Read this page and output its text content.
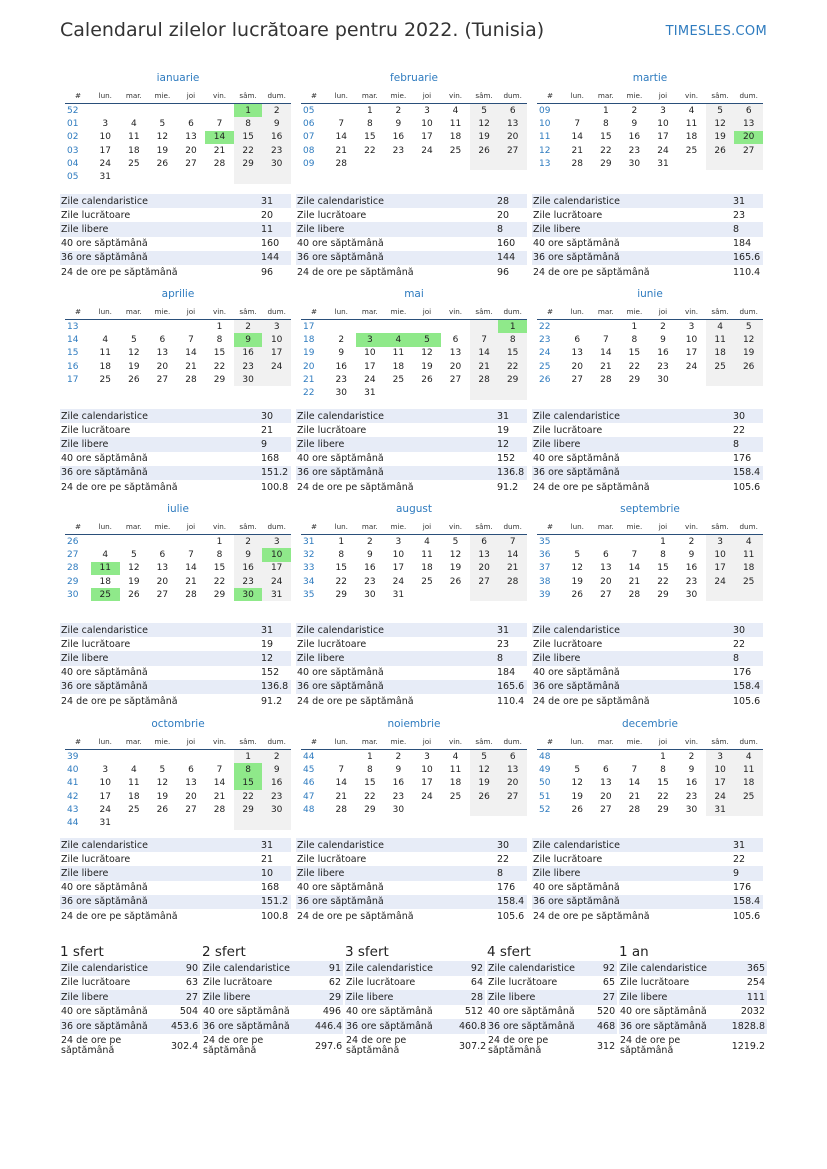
Calendarul zilelor lucrătoare pentru 2022. (Tunisia)	TIMESLES.COM
ianuarie
#	lun.	mar.	mie.	joi	vin.	sâm.	dum.
52						1	2
01	3	4	5	6	7	8	9
02	10	11	12	13	14	15	16
03	17	18	19	20	21	22	23
04	24	25	26	27	28	29	30
05	31						
Zile calendaristice	31
Zile lucrătoare	20
Zile libere	11
40 ore săptămână	160
36 ore săptămână	144
24 de ore pe săptămână	96
februarie
#	lun.	mar.	mie.	joi	vin.	sâm.	dum.
05		1	2	3	4	5	6
06	7	8	9	10	11	12	13
07	14	15	16	17	18	19	20
08	21	22	23	24	25	26	27
09	28						
Zile calendaristice	28
Zile lucrătoare	20
Zile libere	8
40 ore săptămână	160
36 ore săptămână	144
24 de ore pe săptămână	96
martie
#	lun.	mar.	mie.	joi	vin.	sâm.	dum.
09		1	2	3	4	5	6
10	7	8	9	10	11	12	13
11	14	15	16	17	18	19	20
12	21	22	23	24	25	26	27
13	28	29	30	31			
Zile calendaristice	31
Zile lucrătoare	23
Zile libere	8
40 ore săptămână	184
36 ore săptămână	165.6
24 de ore pe săptămână	110.4
aprilie
#	lun.	mar.	mie.	joi	vin.	sâm.	dum.
13					1	2	3
14	4	5	6	7	8	9	10
15	11	12	13	14	15	16	17
16	18	19	20	21	22	23	24
17	25	26	27	28	29	30	
Zile calendaristice	30
Zile lucrătoare	21
Zile libere	9
40 ore săptămână	168
36 ore săptămână	151.2
24 de ore pe săptămână	100.8
mai
#	lun.	mar.	mie.	joi	vin.	sâm.	dum.
17							1
18	2	3	4	5	6	7	8
19	9	10	11	12	13	14	15
20	16	17	18	19	20	21	22
21	23	24	25	26	27	28	29
22	30	31					
Zile calendaristice	31
Zile lucrătoare	19
Zile libere	12
40 ore săptămână	152
36 ore săptămână	136.8
24 de ore pe săptămână	91.2
iunie
#	lun.	mar.	mie.	joi	vin.	sâm.	dum.
22			1	2	3	4	5
23	6	7	8	9	10	11	12
24	13	14	15	16	17	18	19
25	20	21	22	23	24	25	26
26	27	28	29	30			
Zile calendaristice	30
Zile lucrătoare	22
Zile libere	8
40 ore săptămână	176
36 ore săptămână	158.4
24 de ore pe săptămână	105.6
iulie
#	lun.	mar.	mie.	joi	vin.	sâm.	dum.
26					1	2	3
27	4	5	6	7	8	9	10
28	11	12	13	14	15	16	17
29	18	19	20	21	22	23	24
30	25	26	27	28	29	30	31
Zile calendaristice	31
Zile lucrătoare	19
Zile libere	12
40 ore săptămână	152
36 ore săptămână	136.8
24 de ore pe săptămână	91.2
august
#	lun.	mar.	mie.	joi	vin.	sâm.	dum.
31	1	2	3	4	5	6	7
32	8	9	10	11	12	13	14
33	15	16	17	18	19	20	21
34	22	23	24	25	26	27	28
35	29	30	31				
Zile calendaristice	31
Zile lucrătoare	23
Zile libere	8
40 ore săptămână	184
36 ore săptămână	165.6
24 de ore pe săptămână	110.4
septembrie
#	lun.	mar.	mie.	joi	vin.	sâm.	dum.
35				1	2	3	4
36	5	6	7	8	9	10	11
37	12	13	14	15	16	17	18
38	19	20	21	22	23	24	25
39	26	27	28	29	30		
Zile calendaristice	30
Zile lucrătoare	22
Zile libere	8
40 ore săptămână	176
36 ore săptămână	158.4
24 de ore pe săptămână	105.6
octombrie
#	lun.	mar.	mie.	joi	vin.	sâm.	dum.
39						1	2
40	3	4	5	6	7	8	9
41	10	11	12	13	14	15	16
42	17	18	19	20	21	22	23
43	24	25	26	27	28	29	30
44	31						
Zile calendaristice	31
Zile lucrătoare	21
Zile libere	10
40 ore săptămână	168
36 ore săptămână	151.2
24 de ore pe săptămână	100.8
noiembrie
#	lun.	mar.	mie.	joi	vin.	sâm.	dum.
44		1	2	3	4	5	6
45	7	8	9	10	11	12	13
46	14	15	16	17	18	19	20
47	21	22	23	24	25	26	27
48	28	29	30				
Zile calendaristice	30
Zile lucrătoare	22
Zile libere	8
40 ore săptămână	176
36 ore săptămână	158.4
24 de ore pe săptămână	105.6
decembrie
#	lun.	mar.	mie.	joi	vin.	sâm.	dum.
48				1	2	3	4
49	5	6	7	8	9	10	11
50	12	13	14	15	16	17	18
51	19	20	21	22	23	24	25
52	26	27	28	29	30	31	
Zile calendaristice	31
Zile lucrătoare	22
Zile libere	9
40 ore săptămână	176
36 ore săptămână	158.4
24 de ore pe săptămână	105.6
1 sfert
Zile calendaristice	90
Zile lucrătoare	63
Zile libere	27
40 ore săptămână	504
36 ore săptămână	453.6
24 de ore pe săptămână	302.4
2 sfert
Zile calendaristice	91
Zile lucrătoare	62
Zile libere	29
40 ore săptămână	496
36 ore săptămână	446.4
24 de ore pe săptămână	297.6
3 sfert
Zile calendaristice	92
Zile lucrătoare	64
Zile libere	28
40 ore săptămână	512
36 ore săptămână	460.8
24 de ore pe săptămână	307.2
4 sfert
Zile calendaristice	92
Zile lucrătoare	65
Zile libere	27
40 ore săptămână	520
36 ore săptămână	468
24 de ore pe săptămână	312
1 an
Zile calendaristice	365
Zile lucrătoare	254
Zile libere	111
40 ore săptămână	2032
36 ore săptămână	1828.8
24 de ore pe săptămână	1219.2
